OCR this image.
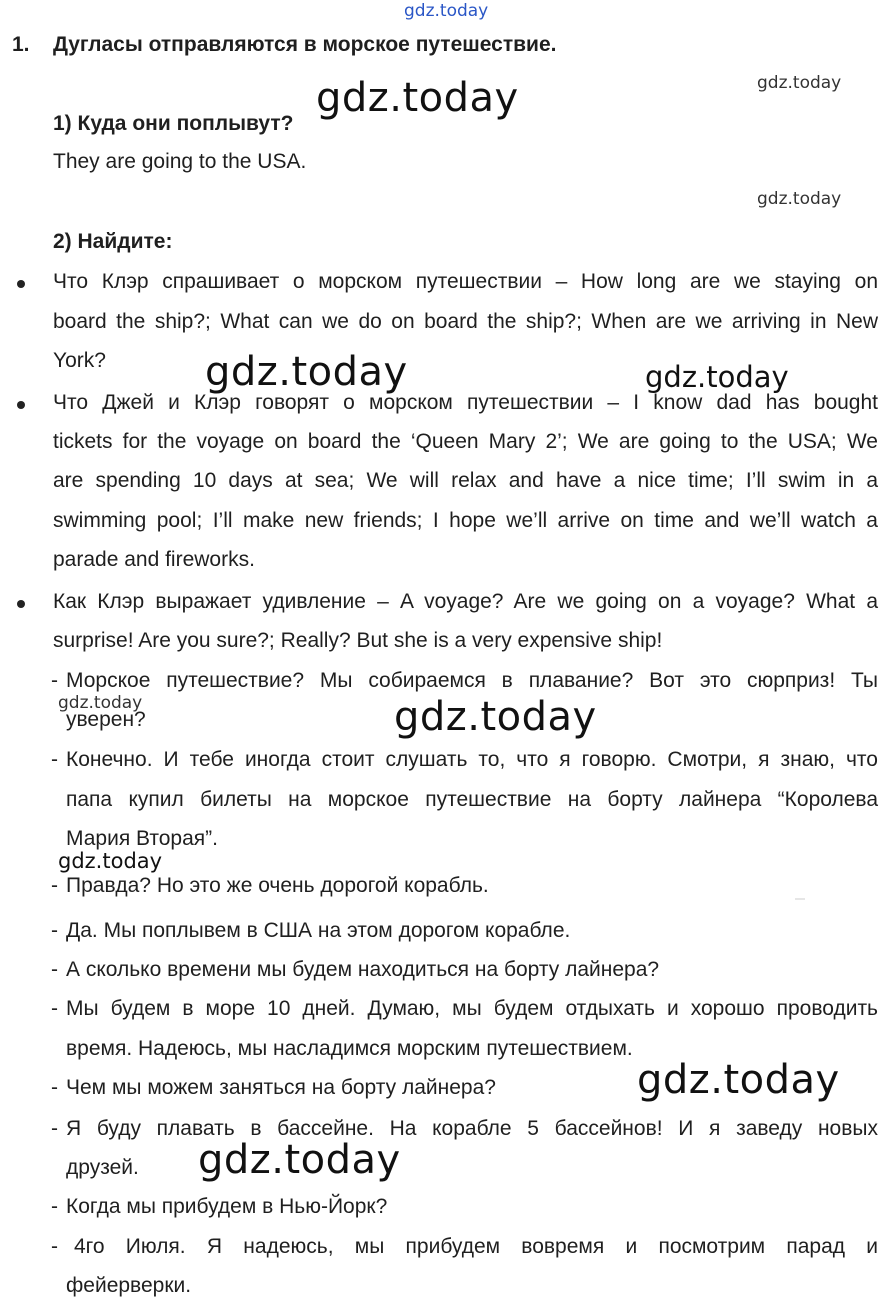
gdz.today
gdz.today	gdz.today
gdz.today
gdz.today	gdz.today
gdz.today	gdz.today
gdz.today
gdz.today
gdz.today
1. Дугласы отправляются в морское путешествие.
1) Куда они поплывут?
They are going to the USA.
2) Найдите:
Что Клэр спрашивает о морском путешествии – How long are we staying on
board the ship?; What can we do on board the ship?; When are we arriving in New
York?
Что Джей и Клэр говорят о морском путешествии – I know dad has bought
tickets for the voyage on board the ‘Queen Mary 2’; We are going to the USA; We
are spending 10 days at sea; We will relax and have a nice time; I’ll swim in a
swimming pool; I’ll make new friends; I hope we’ll arrive on time and we’ll watch a
parade and fireworks.
Как Клэр выражает удивление – A voyage? Are we going on a voyage? What a
surprise! Are you sure?; Really? But she is a very expensive ship!
- Морское путешествие? Мы собираемся в плавание? Вот это сюрприз! Ты
уверен?
- Конечно. И тебе иногда стоит слушать то, что я говорю. Смотри, я знаю, что
папа купил билеты на морское путешествие на борту лайнера “Королева
Мария Вторая”.
- Правда? Но это же очень дорогой корабль.
- Да. Мы поплывем в США на этом дорогом корабле.
- А сколько времени мы будем находиться на борту лайнера?
- Мы будем в море 10 дней. Думаю, мы будем отдыхать и хорошо проводить
время. Надеюсь, мы насладимся морским путешествием.
- Чем мы можем заняться на борту лайнера?
- Я буду плавать в бассейне. На корабле 5 бассейнов! И я заведу новых
друзей.
- Когда мы прибудем в Нью-Йорк?
- 4го Июля. Я надеюсь, мы прибудем вовремя и посмотрим парад и
фейерверки.
